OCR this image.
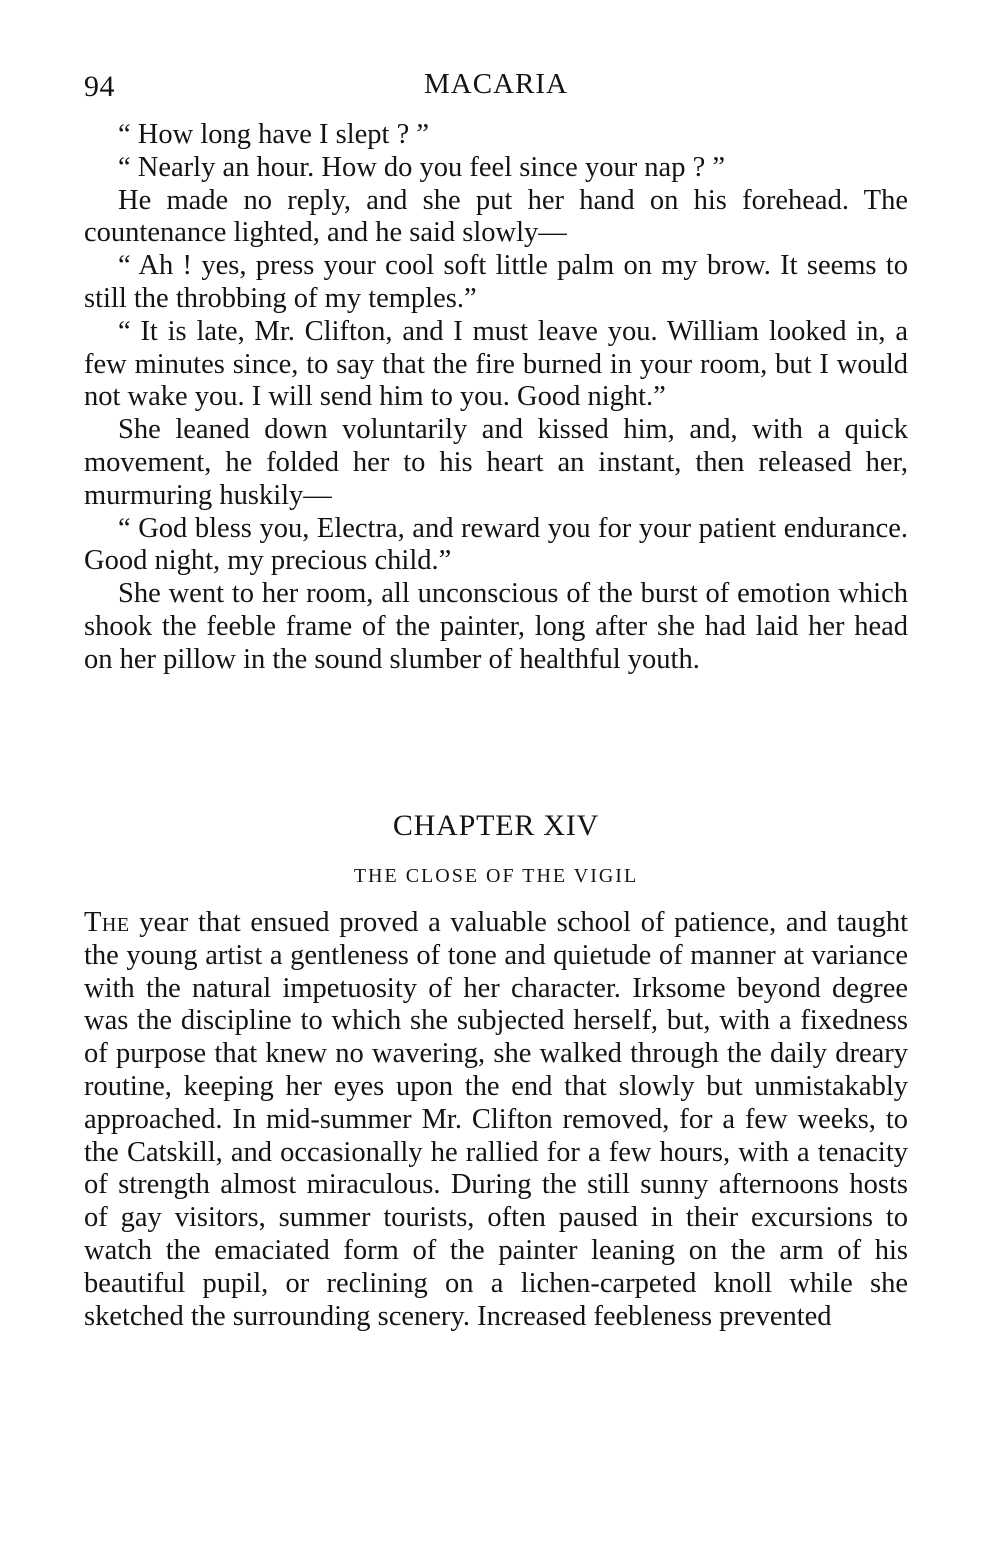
94	MACARIA

“ How long have I slept ? ”

“ Nearly an hour. How do you feel since your nap ? ”

He made no reply, and she put her hand on his forehead. The countenance lighted, and he said slowly—

“ Ah ! yes, press your cool soft little palm on my brow. It seems to still the throbbing of my temples.”

“ It is late, Mr. Clifton, and I must leave you. William looked in, a few minutes since, to say that the fire burned in your room, but I would not wake you. I will send him to you. Good night.”

She leaned down voluntarily and kissed him, and, with a quick movement, he folded her to his heart an instant, then released her, murmuring huskily—

“ God bless you, Electra, and reward you for your patient endurance. Good night, my precious child.”

She went to her room, all unconscious of the burst of emotion which shook the feeble frame of the painter, long after she had laid her head on her pillow in the sound slumber of healthful youth.

CHAPTER XIV
THE CLOSE OF THE VIGIL

The year that ensued proved a valuable school of patience, and taught the young artist a gentleness of tone and quietude of manner at variance with the natural impetuosity of her character. Irksome beyond degree was the discipline to which she subjected herself, but, with a fixedness of purpose that knew no wavering, she walked through the daily dreary routine, keeping her eyes upon the end that slowly but unmistakably approached. In mid-summer Mr. Clifton removed, for a few weeks, to the Catskill, and occasionally he rallied for a few hours, with a tenacity of strength almost miraculous. During the still sunny afternoons hosts of gay visitors, summer tourists, often paused in their excursions to watch the emaciated form of the painter leaning on the arm of his beautiful pupil, or reclining on a lichen-carpeted knoll while she sketched the surrounding scenery. Increased feebleness prevented
